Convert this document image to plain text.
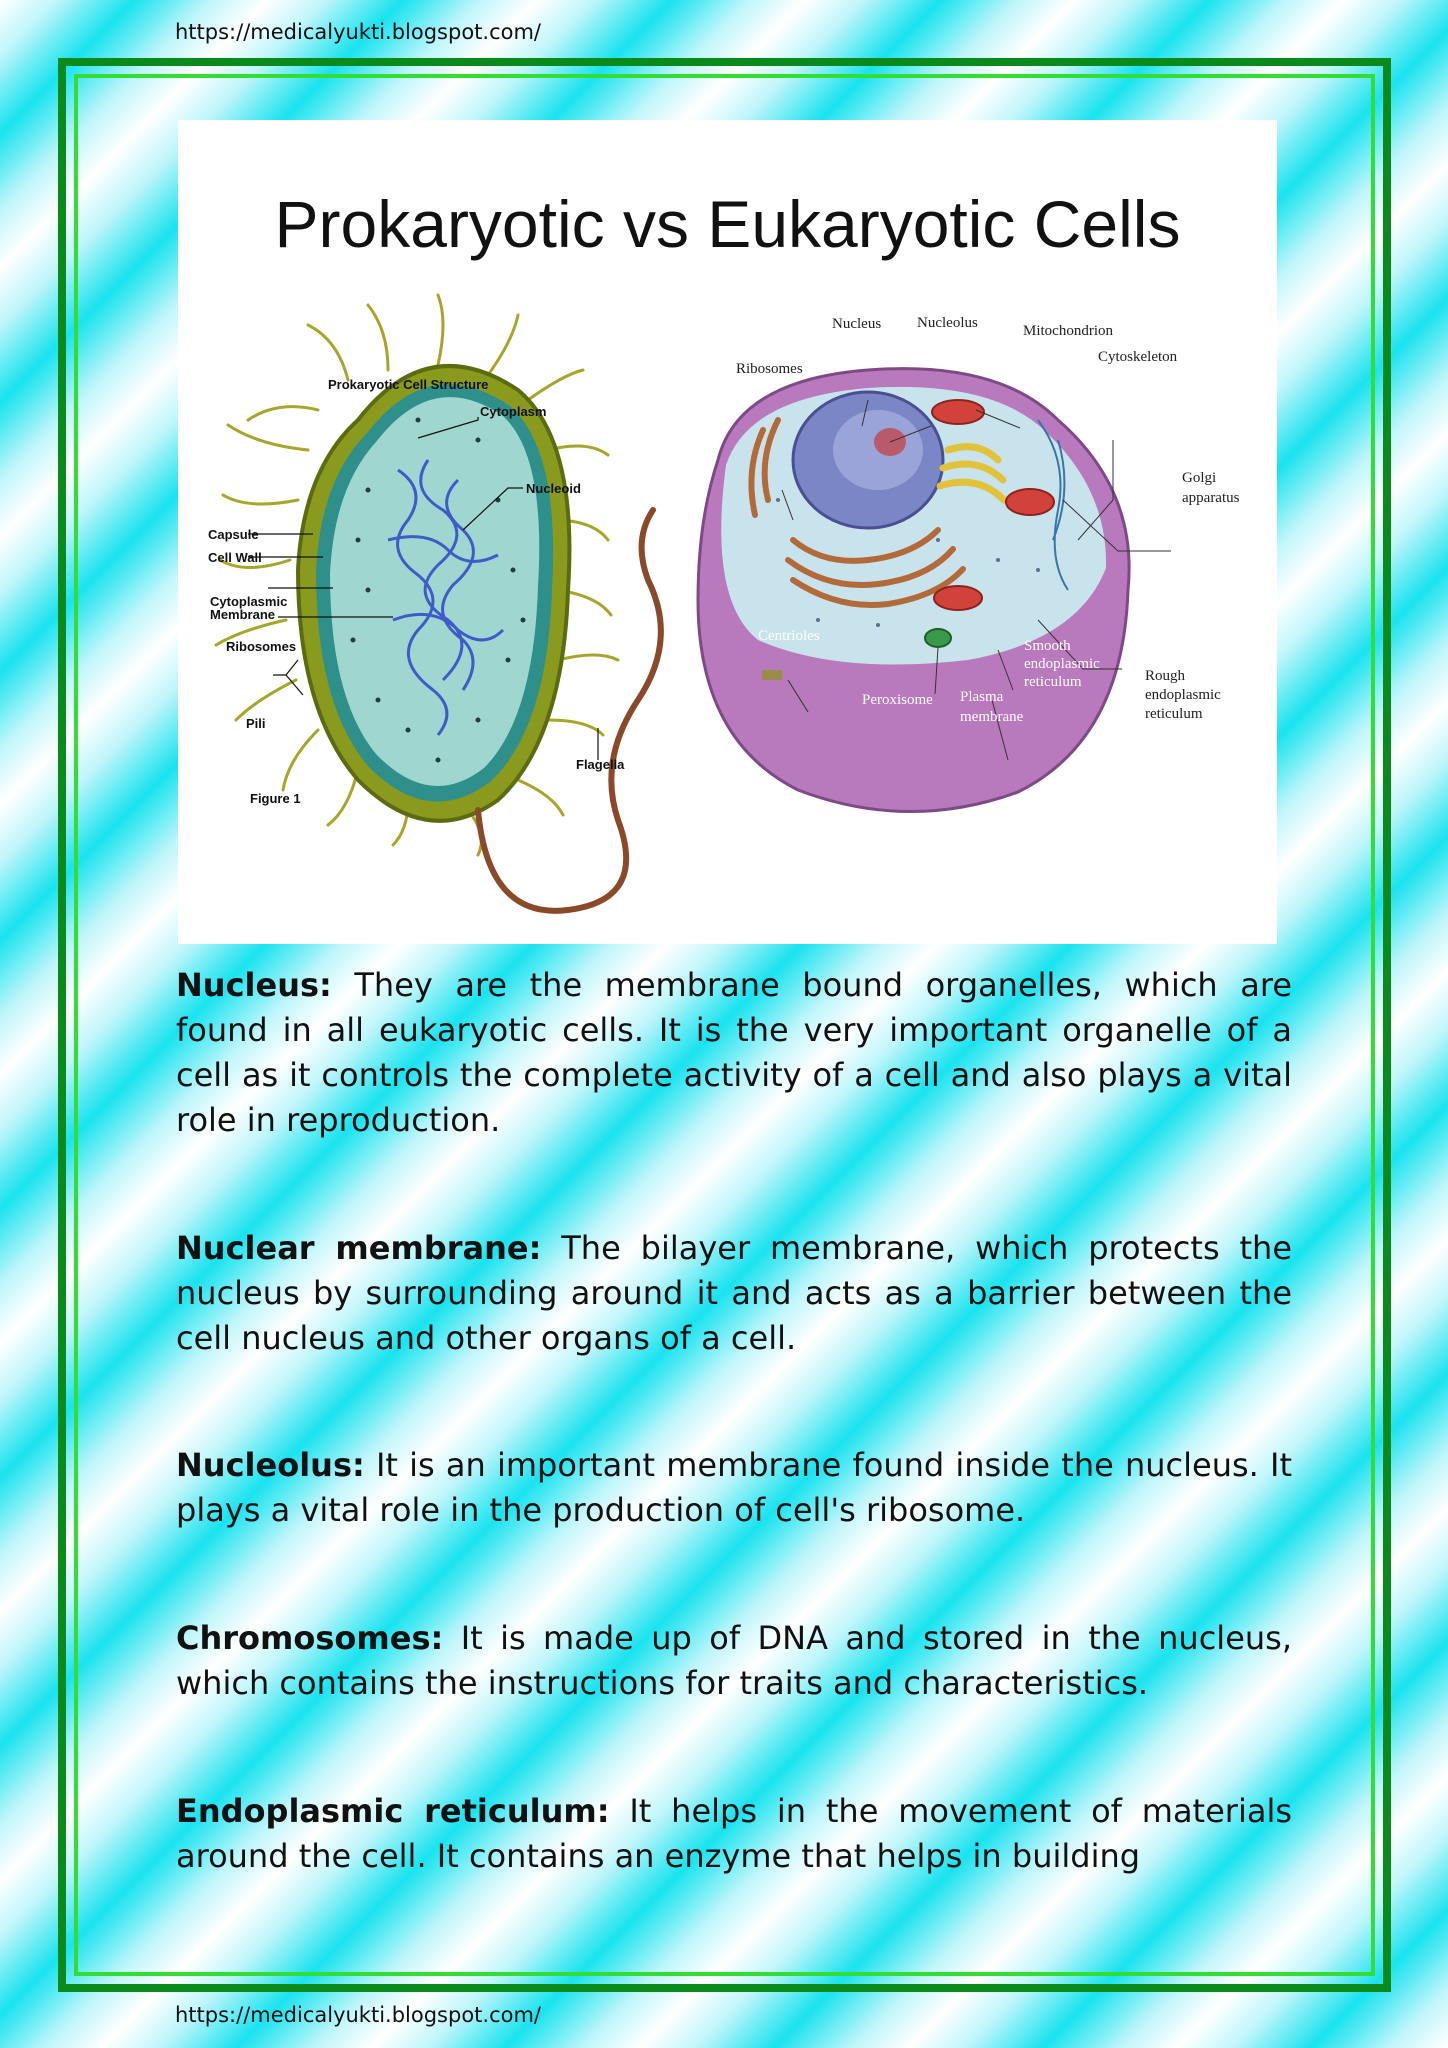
https://medicalyukti.blogspot.com/
Prokaryotic vs Eukaryotic Cells
Prokaryotic Cell Structure
Cytoplasm
Nucleoid
Capsule
Cell Wall
Cytoplasmic
Membrane
Ribosomes
Pili
Flagella
Figure 1
Nucleus Nucleolus	Mitochondrion
Cytoskeleton
Ribosomes
Golgi
apparatus
Centrioles
Smooth
endoplasmic
reticulum	Rough
endoplasmic
reticulum
Peroxisome Plasma
membrane

Nucleus: They are the membrane bound organelles, which are found in all eukaryotic cells. It is the very important organelle of a cell as it controls the complete activity of a cell and also plays a vital role in reproduction.

Nuclear membrane: The bilayer membrane, which protects the nucleus by surrounding around it and acts as a barrier between the cell nucleus and other organs of a cell.

Nucleolus: It is an important membrane found inside the nucleus. It plays a vital role in the production of cell's ribosome.

Chromosomes: It is made up of DNA and stored in the nucleus, which contains the instructions for traits and characteristics.

Endoplasmic reticulum: It helps in the movement of materials around the cell. It contains an enzyme that helps in building

https://medicalyukti.blogspot.com/
